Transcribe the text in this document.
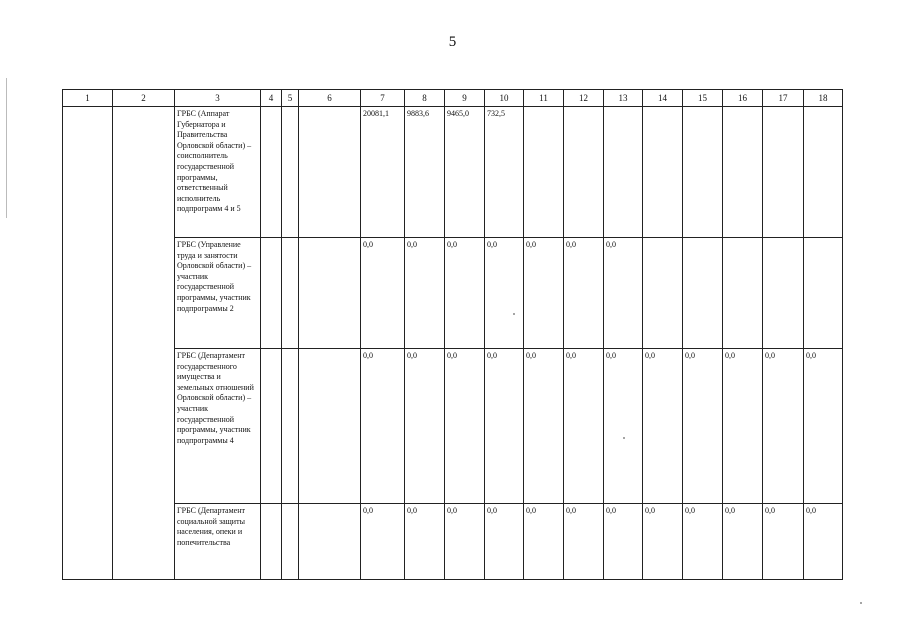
5
1	2	3	4	5	6	7	8	9	10	11	12	13	14	15	16	17	18
		ГРБС (Аппарат Губернатора и Правительства Орловской области) – соисполнитель государственной программы, ответственный исполнитель подпрограмм 4 и 5				20081,1	9883,6	9465,0	732,5								
		ГРБС (Управление труда и занятости Орловской области) – участник государственной программы, участник подпрограммы 2				0,0	0,0	0,0	0,0	0,0	0,0	0,0					
		ГРБС (Департамент государственного имущества и земельных отношений Орловской области) – участник государственной программы, участник подпрограммы 4				0,0	0,0	0,0	0,0	0,0	0,0	0,0	0,0	0,0	0,0	0,0	0,0
		ГРБС (Департамент социальной защиты населения, опеки и попечительства				0,0	0,0	0,0	0,0	0,0	0,0	0,0	0,0	0,0	0,0	0,0	0,0
